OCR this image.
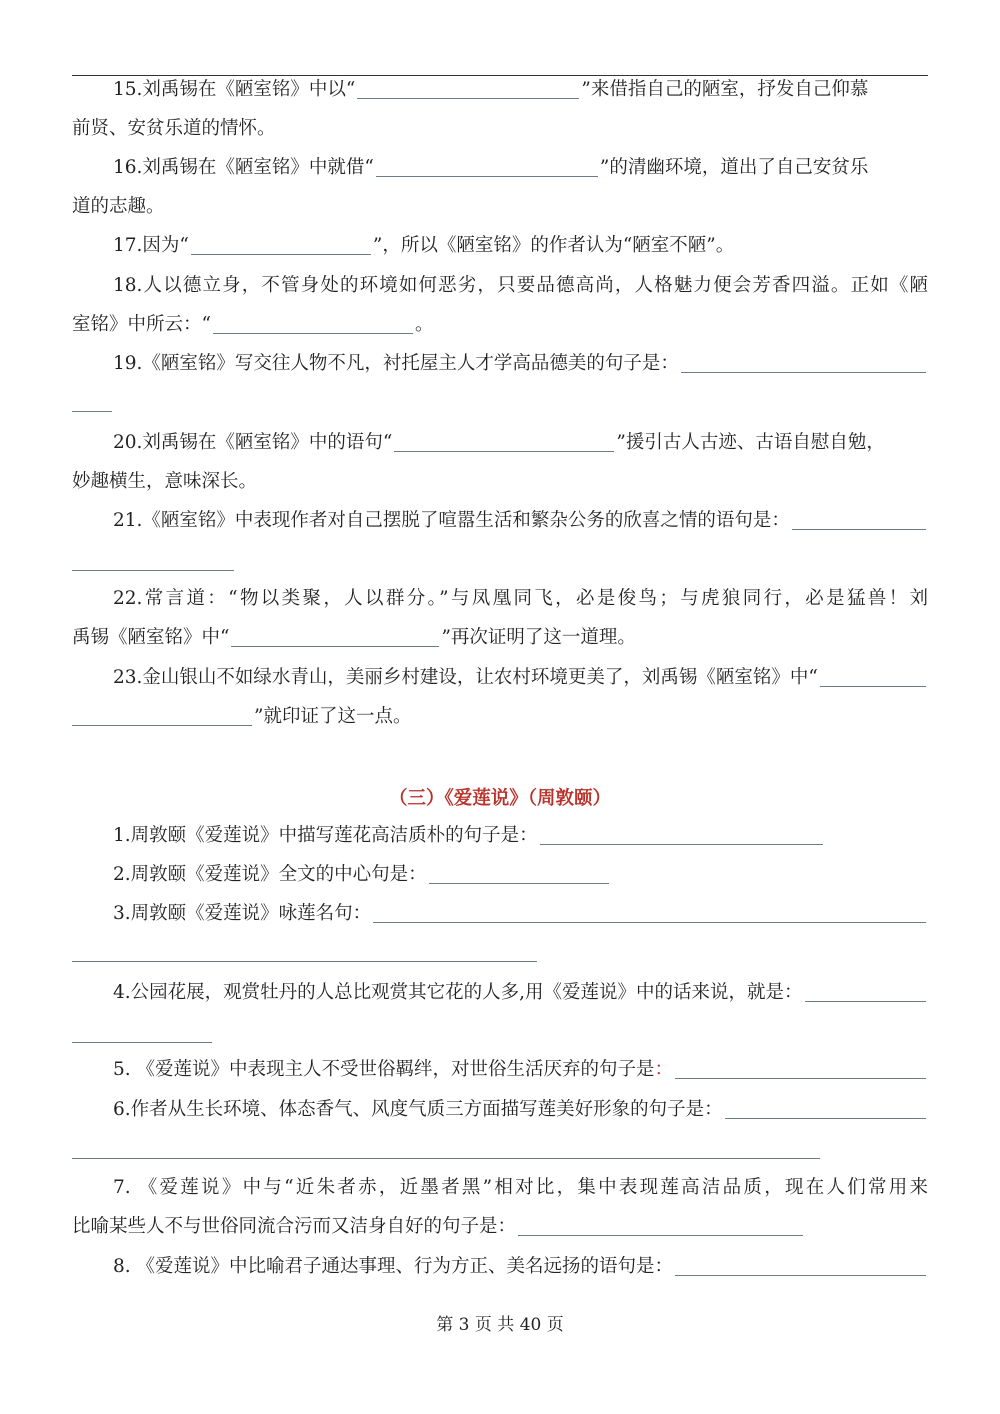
15.刘禹锡在《陋室铭》中以“	”来借指自己的陋室，抒发自己仰慕
前贤、安贫乐道的情怀。
16.刘禹锡在《陋室铭》中就借“	”的清幽环境，道出了自己安贫乐
道的志趣。
17.因为“	”，所以《陋室铭》的作者认为“陋室不陋”。
18.人以德立身，不管身处的环境如何恶劣，只要品德高尚，人格魅力便会芳香四溢。正如《陋
室铭》中所云：“	。
19.《陋室铭》写交往人物不凡，衬托屋主人才学高品德美的句子是：
20.刘禹锡在《陋室铭》中的语句“	”援引古人古迹、古语自慰自勉，
妙趣横生，意味深长。
21.《陋室铭》中表现作者对自己摆脱了喧嚣生活和繁杂公务的欣喜之情的语句是：
22.常言道：“物以类聚，人以群分。”与凤凰同飞，必是俊鸟；与虎狼同行，必是猛兽！刘
禹锡《陋室铭》中“	”再次证明了这一道理。
23.金山银山不如绿水青山，美丽乡村建设，让农村环境更美了，刘禹锡《陋室铭》中“
”就印证了这一点。
（三）《爱莲说》（周敦颐）
1.周敦颐《爱莲说》中描写莲花高洁质朴的句子是：
2.周敦颐《爱莲说》全文的中心句是：
3.周敦颐《爱莲说》咏莲名句：
4.公园花展，观赏牡丹的人总比观赏其它花的人多,用《爱莲说》中的话来说，就是：
5. 《爱莲说》中表现主人不受世俗羁绊，对世俗生活厌弃的句子是 ：
6.作者从生长环境、体态香气、风度气质三方面描写莲美好形象的句子是：
7. 《爱莲说》中与“近朱者赤，近墨者黑”相对比，集中表现莲高洁品质，现在人们常用来
比喻某些人不与世俗同流合污而又洁身自好的句子是：
8. 《爱莲说》中比喻君子通达事理、行为方正、美名远扬的语句是：
第 3 页 共 40 页
